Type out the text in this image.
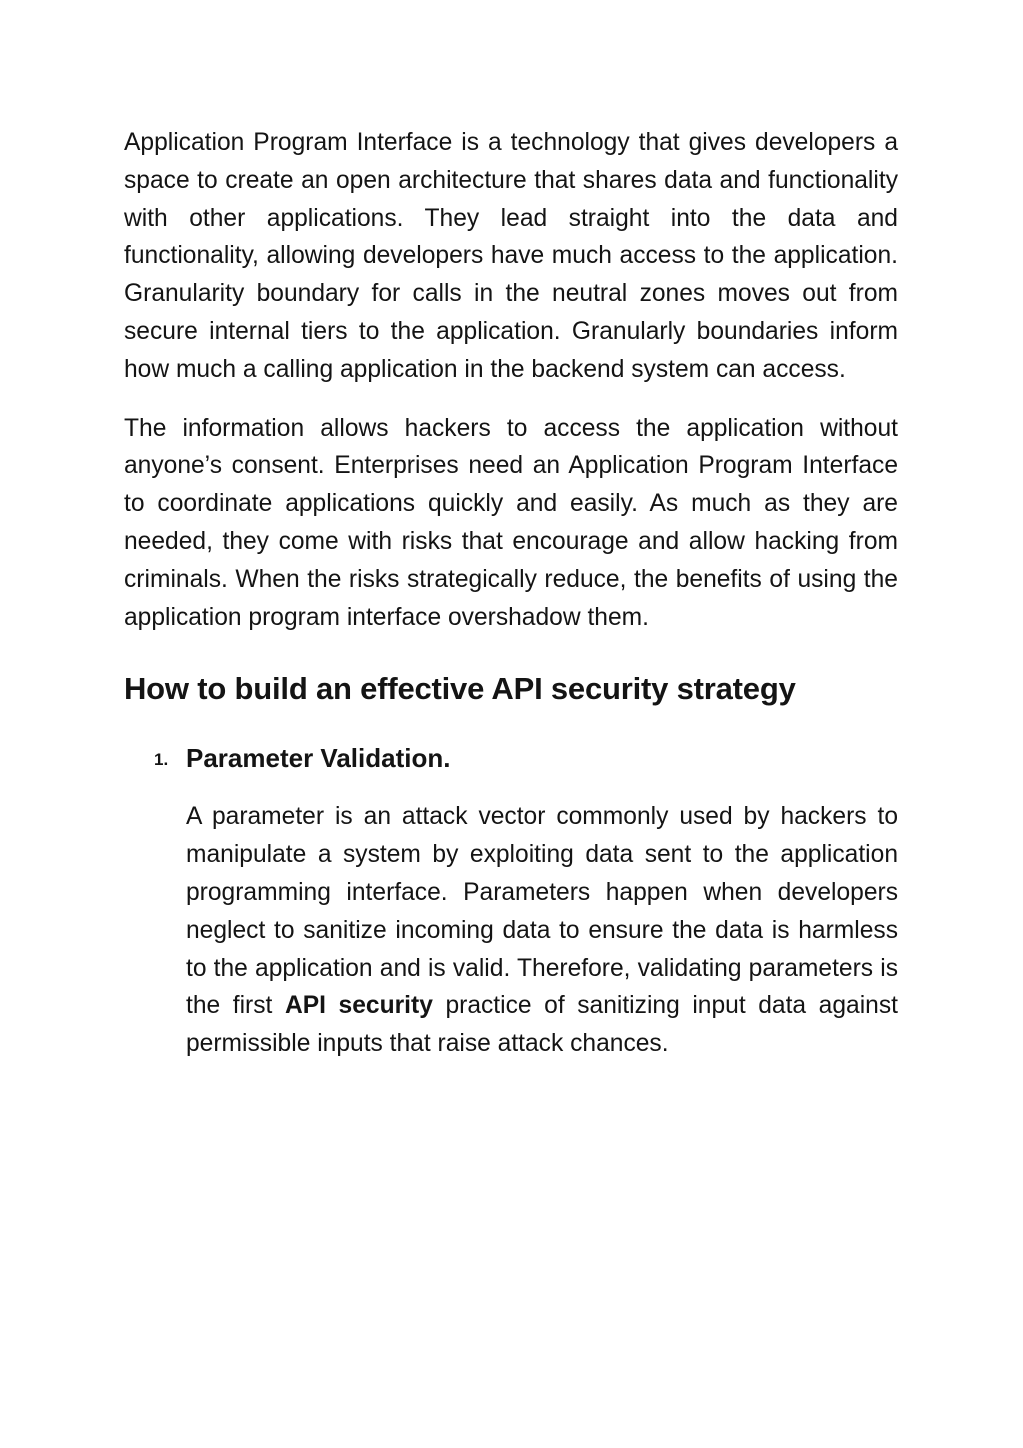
Application Program Interface is a technology that gives developers a space to create an open architecture that shares data and functionality with other applications. They lead straight into the data and functionality, allowing developers have much access to the application. Granularity boundary for calls in the neutral zones moves out from secure internal tiers to the application. Granularly boundaries inform how much a calling application in the backend system can access.

The information allows hackers to access the application without anyone’s consent. Enterprises need an Application Program Interface to coordinate applications quickly and easily. As much as they are needed, they come with risks that encourage and allow hacking from criminals. When the risks strategically reduce, the benefits of using the application program interface overshadow them.

How to build an effective API security strategy
1. Parameter Validation.

A parameter is an attack vector commonly used by hackers to manipulate a system by exploiting data sent to the application programming interface. Parameters happen when developers neglect to sanitize incoming data to ensure the data is harmless to the application and is valid. Therefore, validating parameters is the first API security practice of sanitizing input data against permissible inputs that raise attack chances.
